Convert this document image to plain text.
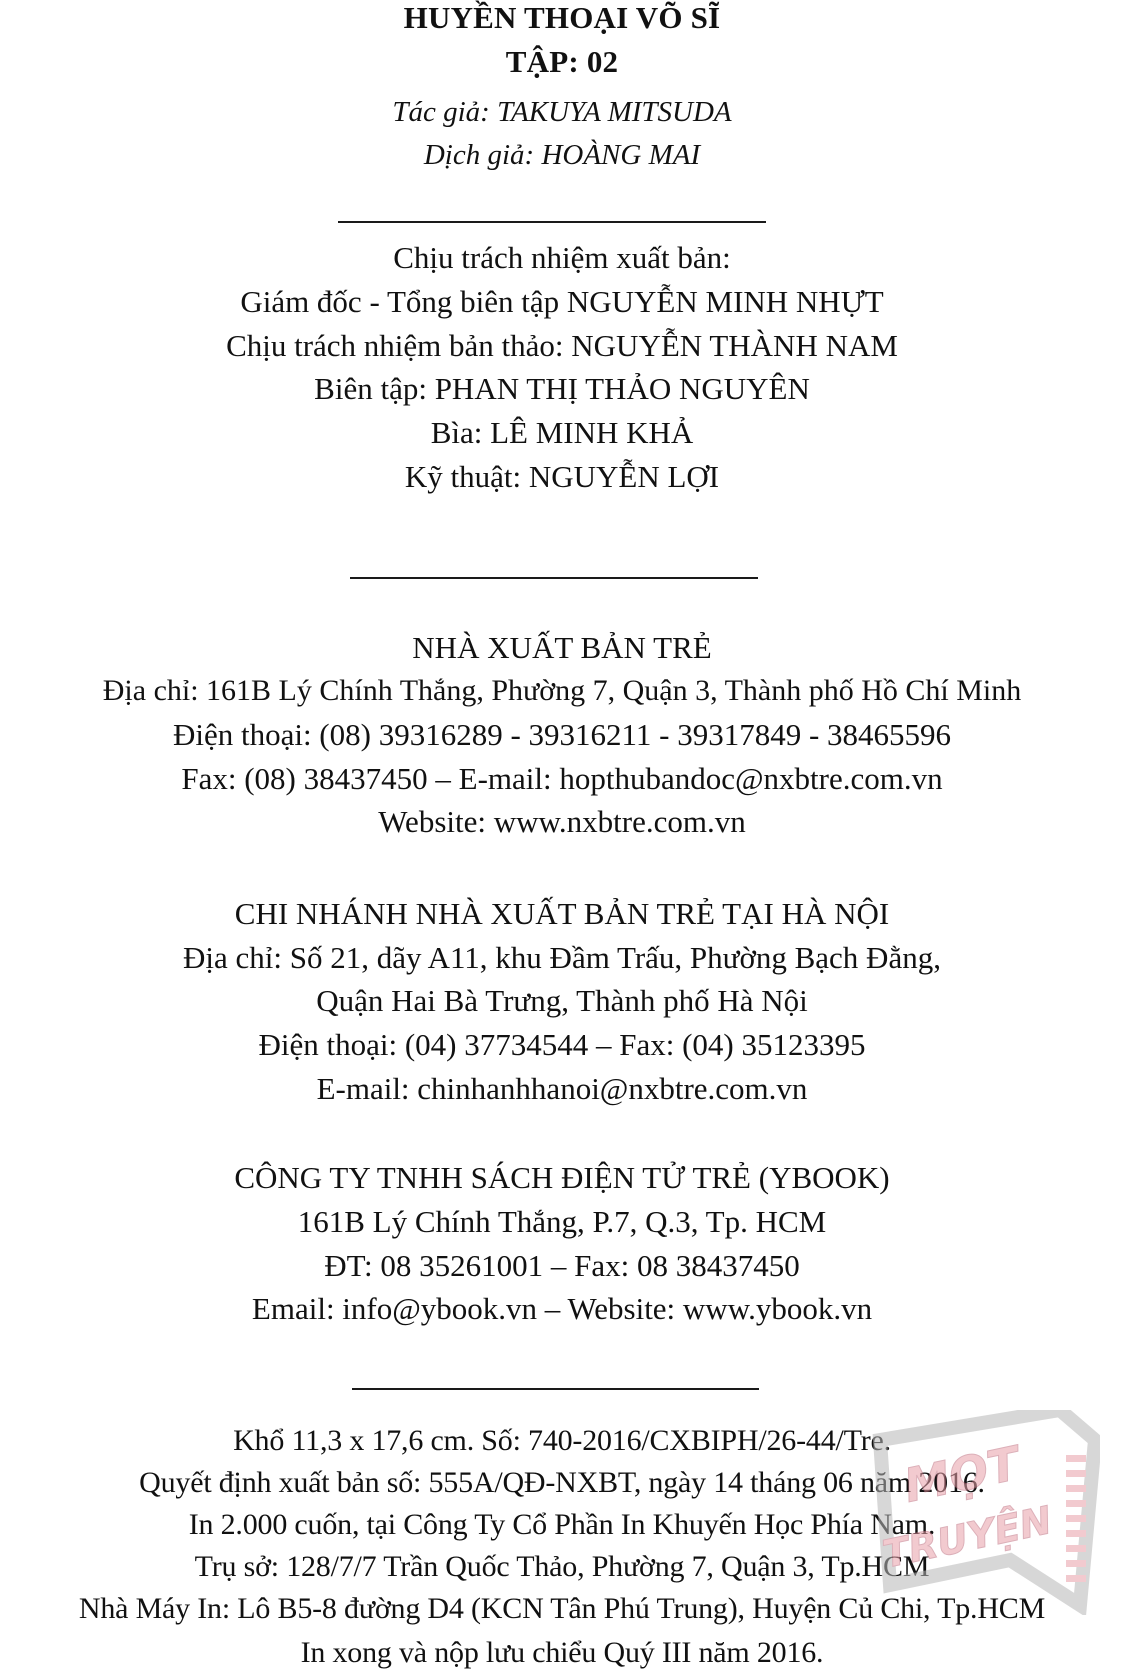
HUYỀN THOẠI VÕ SĨ
TẬP: 02
Tác giả: TAKUYA MITSUDA
Dịch giả: HOÀNG MAI
Chịu trách nhiệm xuất bản:
Giám đốc - Tổng biên tập NGUYỄN MINH NHỰT
Chịu trách nhiệm bản thảo: NGUYỄN THÀNH NAM
Biên tập: PHAN THỊ THẢO NGUYÊN
Bìa: LÊ MINH KHẢ
Kỹ thuật: NGUYỄN LỢI
NHÀ XUẤT BẢN TRẺ
Địa chỉ: 161B Lý Chính Thắng, Phường 7, Quận 3, Thành phố Hồ Chí Minh
Điện thoại: (08) 39316289 - 39316211 - 39317849 - 38465596
Fax: (08) 38437450 – E-mail: hopthubandoc@nxbtre.com.vn
Website: www.nxbtre.com.vn
CHI NHÁNH NHÀ XUẤT BẢN TRẺ TẠI HÀ NỘI
Địa chỉ: Số 21, dãy A11, khu Đầm Trấu, Phường Bạch Đằng,
Quận Hai Bà Trưng, Thành phố Hà Nội
Điện thoại: (04) 37734544 – Fax: (04) 35123395
E-mail: chinhanhhanoi@nxbtre.com.vn
CÔNG TY TNHH SÁCH ĐIỆN TỬ TRẺ (YBOOK)
161B Lý Chính Thắng, P.7, Q.3, Tp. HCM
ĐT: 08 35261001 – Fax: 08 38437450
Email: info@ybook.vn – Website: www.ybook.vn
Khổ 11,3 x 17,6 cm. Số: 740-2016/CXBIPH/26-44/Tre.
Quyết định xuất bản số: 555A/QĐ-NXBT, ngày 14 tháng 06 năm 2016.
In 2.000 cuốn, tại Công Ty Cổ Phần In Khuyến Học Phía Nam.
Trụ sở: 128/7/7 Trần Quốc Thảo, Phường 7, Quận 3, Tp.HCM
Nhà Máy In: Lô B5-8 đường D4 (KCN Tân Phú Trung), Huyện Củ Chi, Tp.HCM
In xong và nộp lưu chiểu Quý III năm 2016.
MỌT
TRUYỆN
